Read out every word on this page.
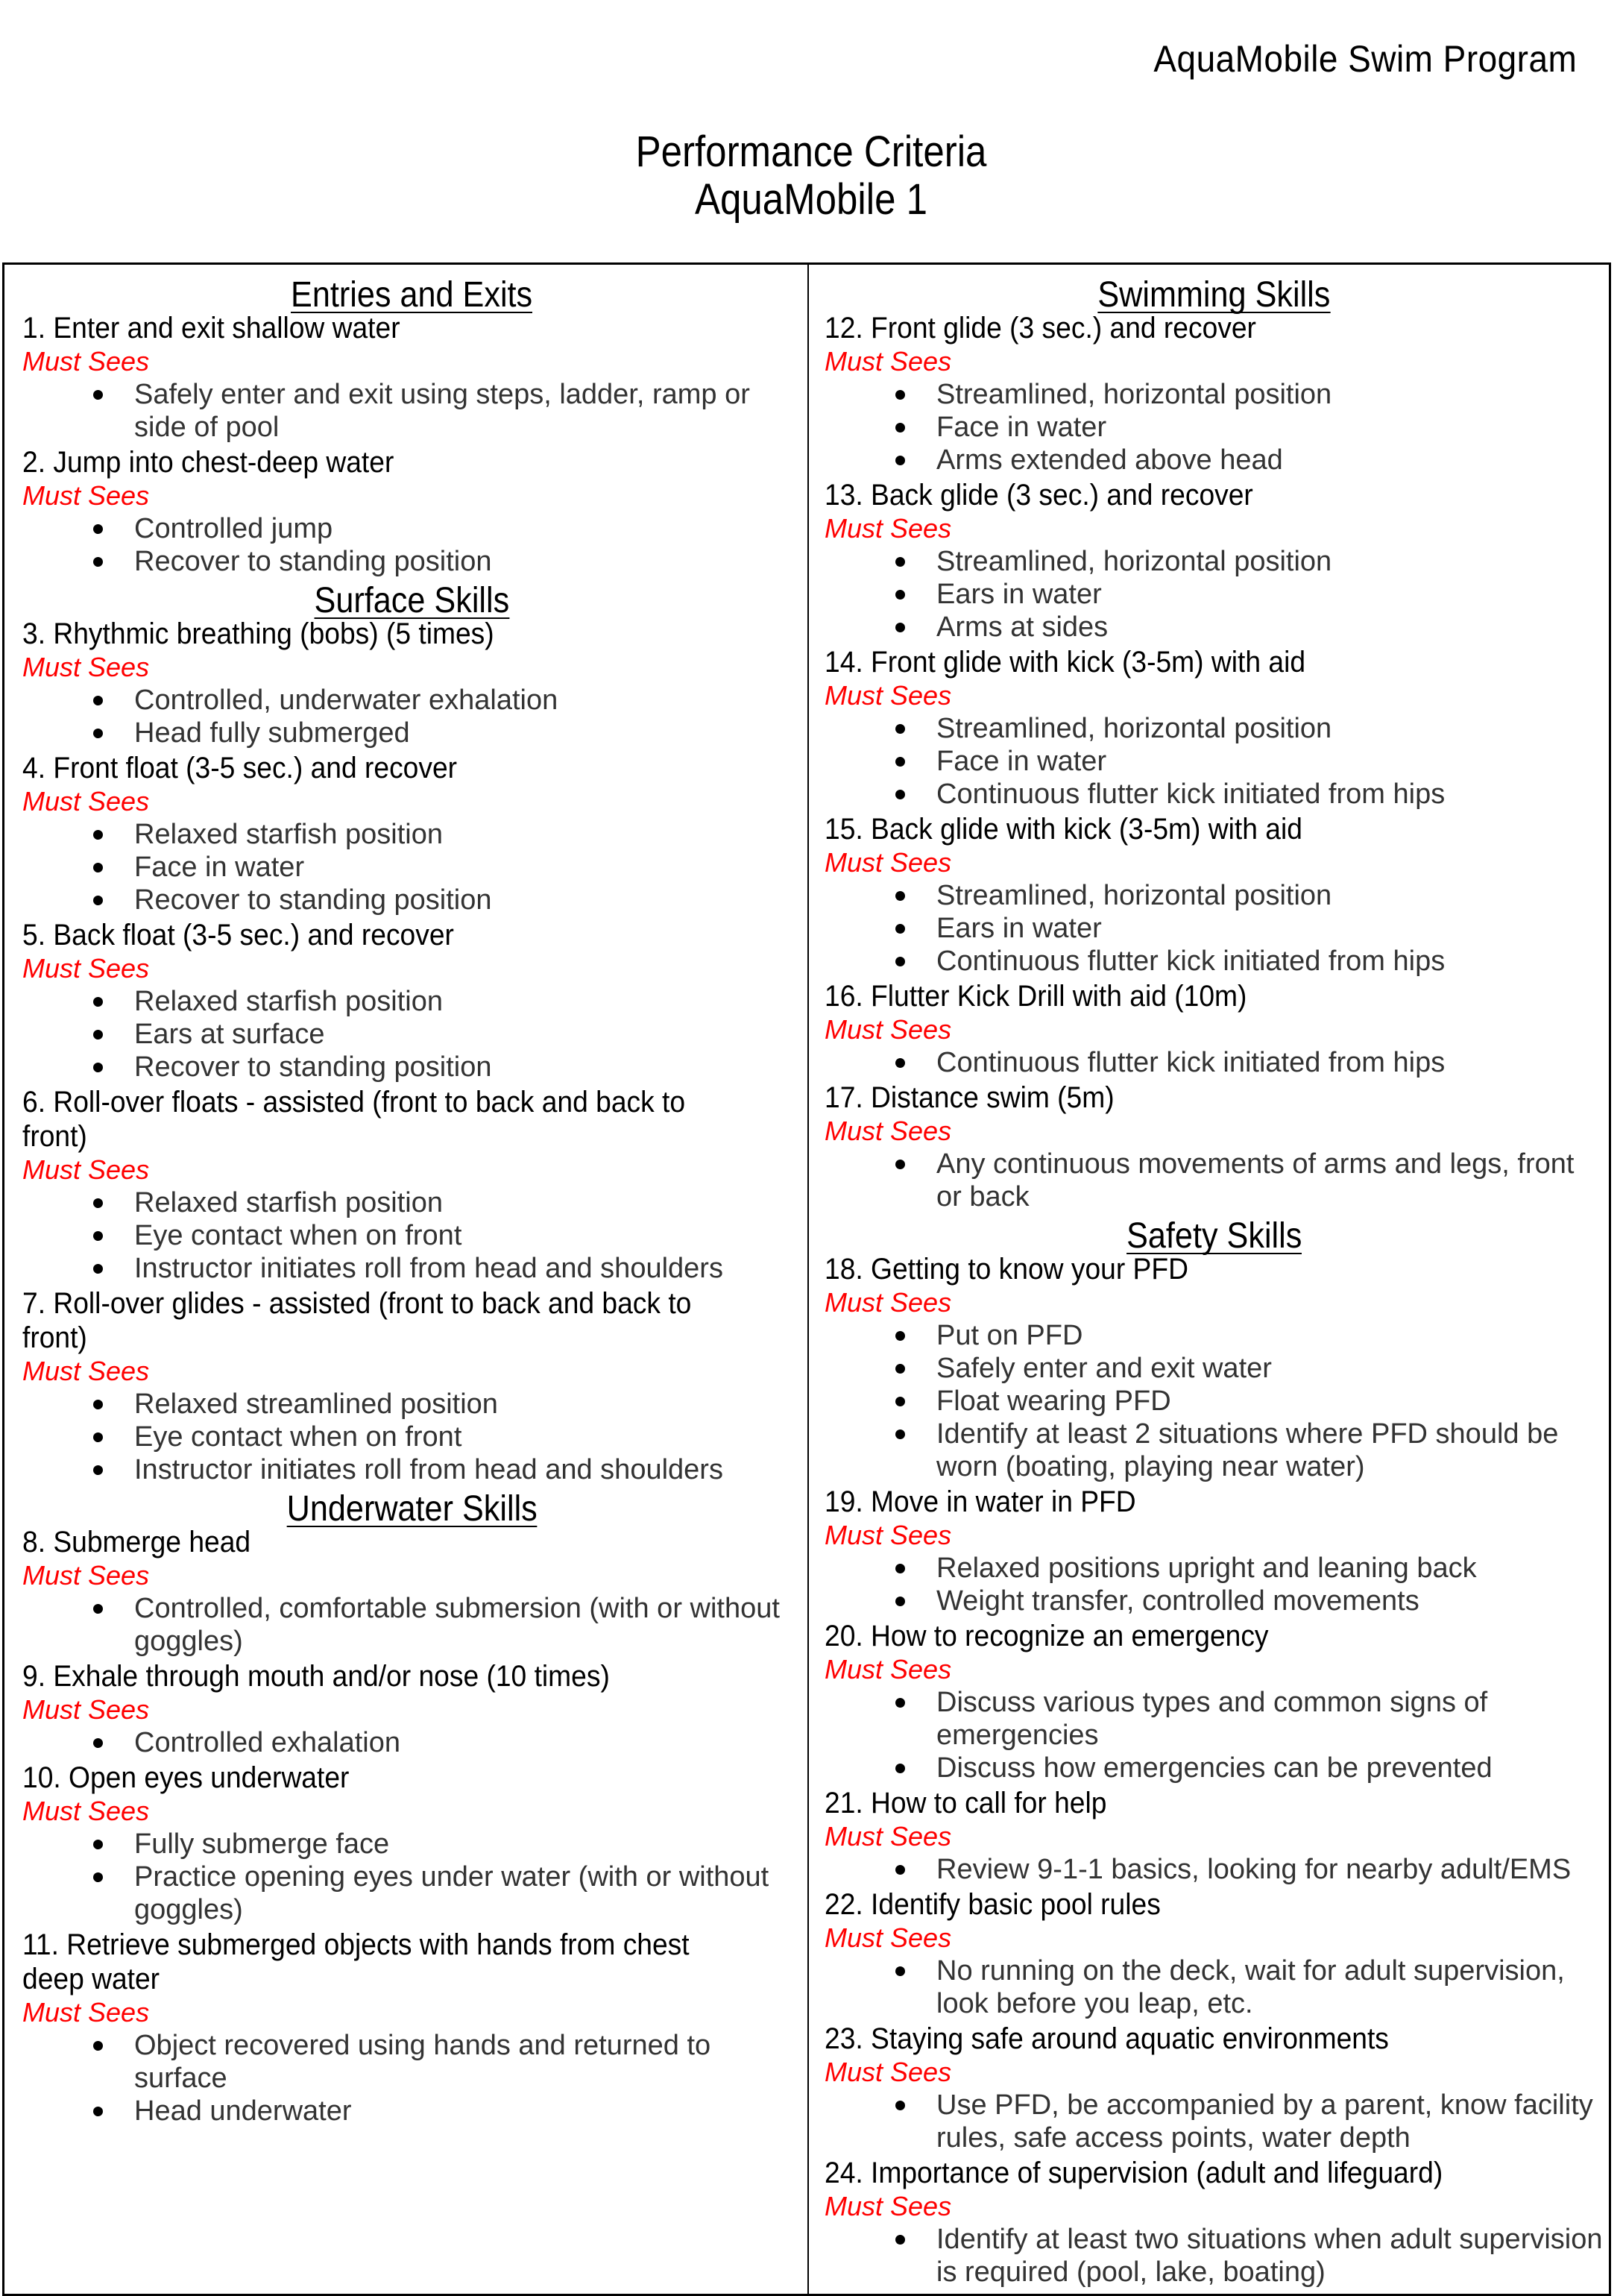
AquaMobile Swim Program
Performance Criteria
AquaMobile 1
Entries and Exits
1. Enter and exit shallow water
Must Sees
Safely enter and exit using steps, ladder, ramp or side of pool
2. Jump into chest-deep water
Must Sees
Controlled jump
Recover to standing position
Surface Skills
3. Rhythmic breathing (bobs) (5 times)
Must Sees
Controlled, underwater exhalation
Head fully submerged
4. Front float (3-5 sec.) and recover
Must Sees
Relaxed starfish position
Face in water
Recover to standing position
5. Back float (3-5 sec.) and recover
Must Sees
Relaxed starfish position
Ears at surface
Recover to standing position
6. Roll-over floats - assisted (front to back and back to front)
Must Sees
Relaxed starfish position
Eye contact when on front
Instructor initiates roll from head and shoulders
7. Roll-over glides - assisted (front to back and back to front)
Must Sees
Relaxed streamlined position
Eye contact when on front
Instructor initiates roll from head and shoulders
Underwater Skills
8. Submerge head
Must Sees
Controlled, comfortable submersion (with or without goggles)
9. Exhale through mouth and/or nose (10 times)
Must Sees
Controlled exhalation
10. Open eyes underwater
Must Sees
Fully submerge face
Practice opening eyes under water (with or without goggles)
11. Retrieve submerged objects with hands from chest deep water
Must Sees
Object recovered using hands and returned to surface
Head underwater
Swimming Skills
12. Front glide (3 sec.) and recover
Must Sees
Streamlined, horizontal position
Face in water
Arms extended above head
13. Back glide (3 sec.) and recover
Must Sees
Streamlined, horizontal position
Ears in water
Arms at sides
14. Front glide with kick (3-5m) with aid
Must Sees
Streamlined, horizontal position
Face in water
Continuous flutter kick initiated from hips
15. Back glide with kick (3-5m) with aid
Must Sees
Streamlined, horizontal position
Ears in water
Continuous flutter kick initiated from hips
16. Flutter Kick Drill with aid (10m)
Must Sees
Continuous flutter kick initiated from hips
17. Distance swim (5m)
Must Sees
Any continuous movements of arms and legs, front or back
Safety Skills
18. Getting to know your PFD
Must Sees
Put on PFD
Safely enter and exit water
Float wearing PFD
Identify at least 2 situations where PFD should be worn (boating, playing near water)
19. Move in water in PFD
Must Sees
Relaxed positions upright and leaning back
Weight transfer, controlled movements
20. How to recognize an emergency
Must Sees
Discuss various types and common signs of emergencies
Discuss how emergencies can be prevented
21. How to call for help
Must Sees
Review 9-1-1 basics, looking for nearby adult/EMS
22. Identify basic pool rules
Must Sees
No running on the deck, wait for adult supervision, look before you leap, etc.
23. Staying safe around aquatic environments
Must Sees
Use PFD, be accompanied by a parent, know facility rules, safe access points, water depth
24. Importance of supervision (adult and lifeguard)
Must Sees
Identify at least two situations when adult supervision is required (pool, lake, boating)
